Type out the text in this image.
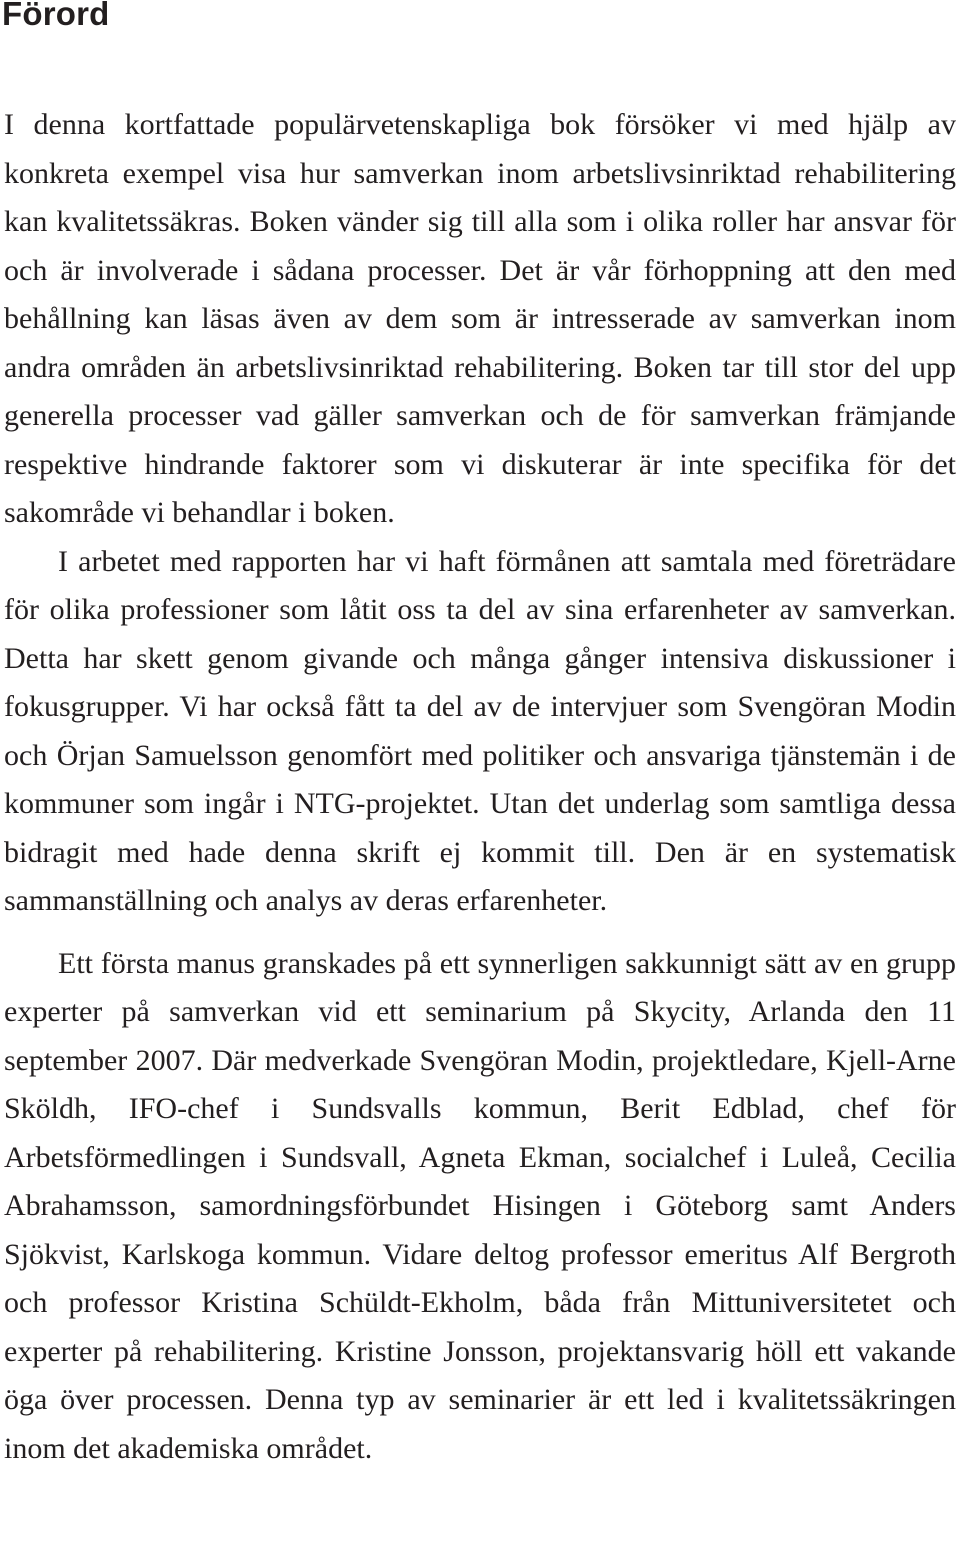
Förord

I denna kortfattade populärvetenskapliga bok försöker vi med hjälp av konkreta exempel visa hur samverkan inom arbetslivsinriktad rehabilitering kan kvalitetssäkras. Boken vänder sig till alla som i olika roller har ansvar för och är involverade i sådana processer. Det är vår förhoppning att den med behållning kan läsas även av dem som är intresserade av samverkan inom andra områden än arbetslivsinriktad rehabilitering. Boken tar till stor del upp generella processer vad gäller samverkan och de för samverkan främjande respektive hindrande faktorer som vi diskuterar är inte specifika för det sakområde vi behandlar i boken.

I arbetet med rapporten har vi haft förmånen att samtala med företrädare för olika professioner som låtit oss ta del av sina erfarenheter av samverkan. Detta har skett genom givande och många gånger intensiva diskussioner i fokusgrupper. Vi har också fått ta del av de intervjuer som Svengöran Modin och Örjan Samuelsson genomfört med politiker och ansvariga tjänstemän i de kommuner som ingår i NTG-projektet. Utan det underlag som samtliga dessa bidragit med hade denna skrift ej kommit till. Den är en systematisk sammanställning och analys av deras erfarenheter.

Ett första manus granskades på ett synnerligen sakkunnigt sätt av en grupp experter på samverkan vid ett seminarium på Skycity, Arlanda den 11 september 2007. Där medverkade Svengöran Modin, projektledare, Kjell-Arne Sköldh, IFO-chef i Sundsvalls kommun, Berit Edblad, chef för Arbetsförmedlingen i Sundsvall, Agneta Ekman, socialchef i Luleå, Cecilia Abrahamsson, samordningsförbundet Hisingen i Göteborg samt Anders Sjökvist, Karlskoga kommun. Vidare deltog professor emeritus Alf Bergroth och professor Kristina Schüldt-Ekholm, båda från Mittuniversitetet och experter på rehabilitering. Kristine Jonsson, projektansvarig höll ett vakande öga över processen. Denna typ av seminarier är ett led i kvalitetssäkringen inom det akademiska området.
